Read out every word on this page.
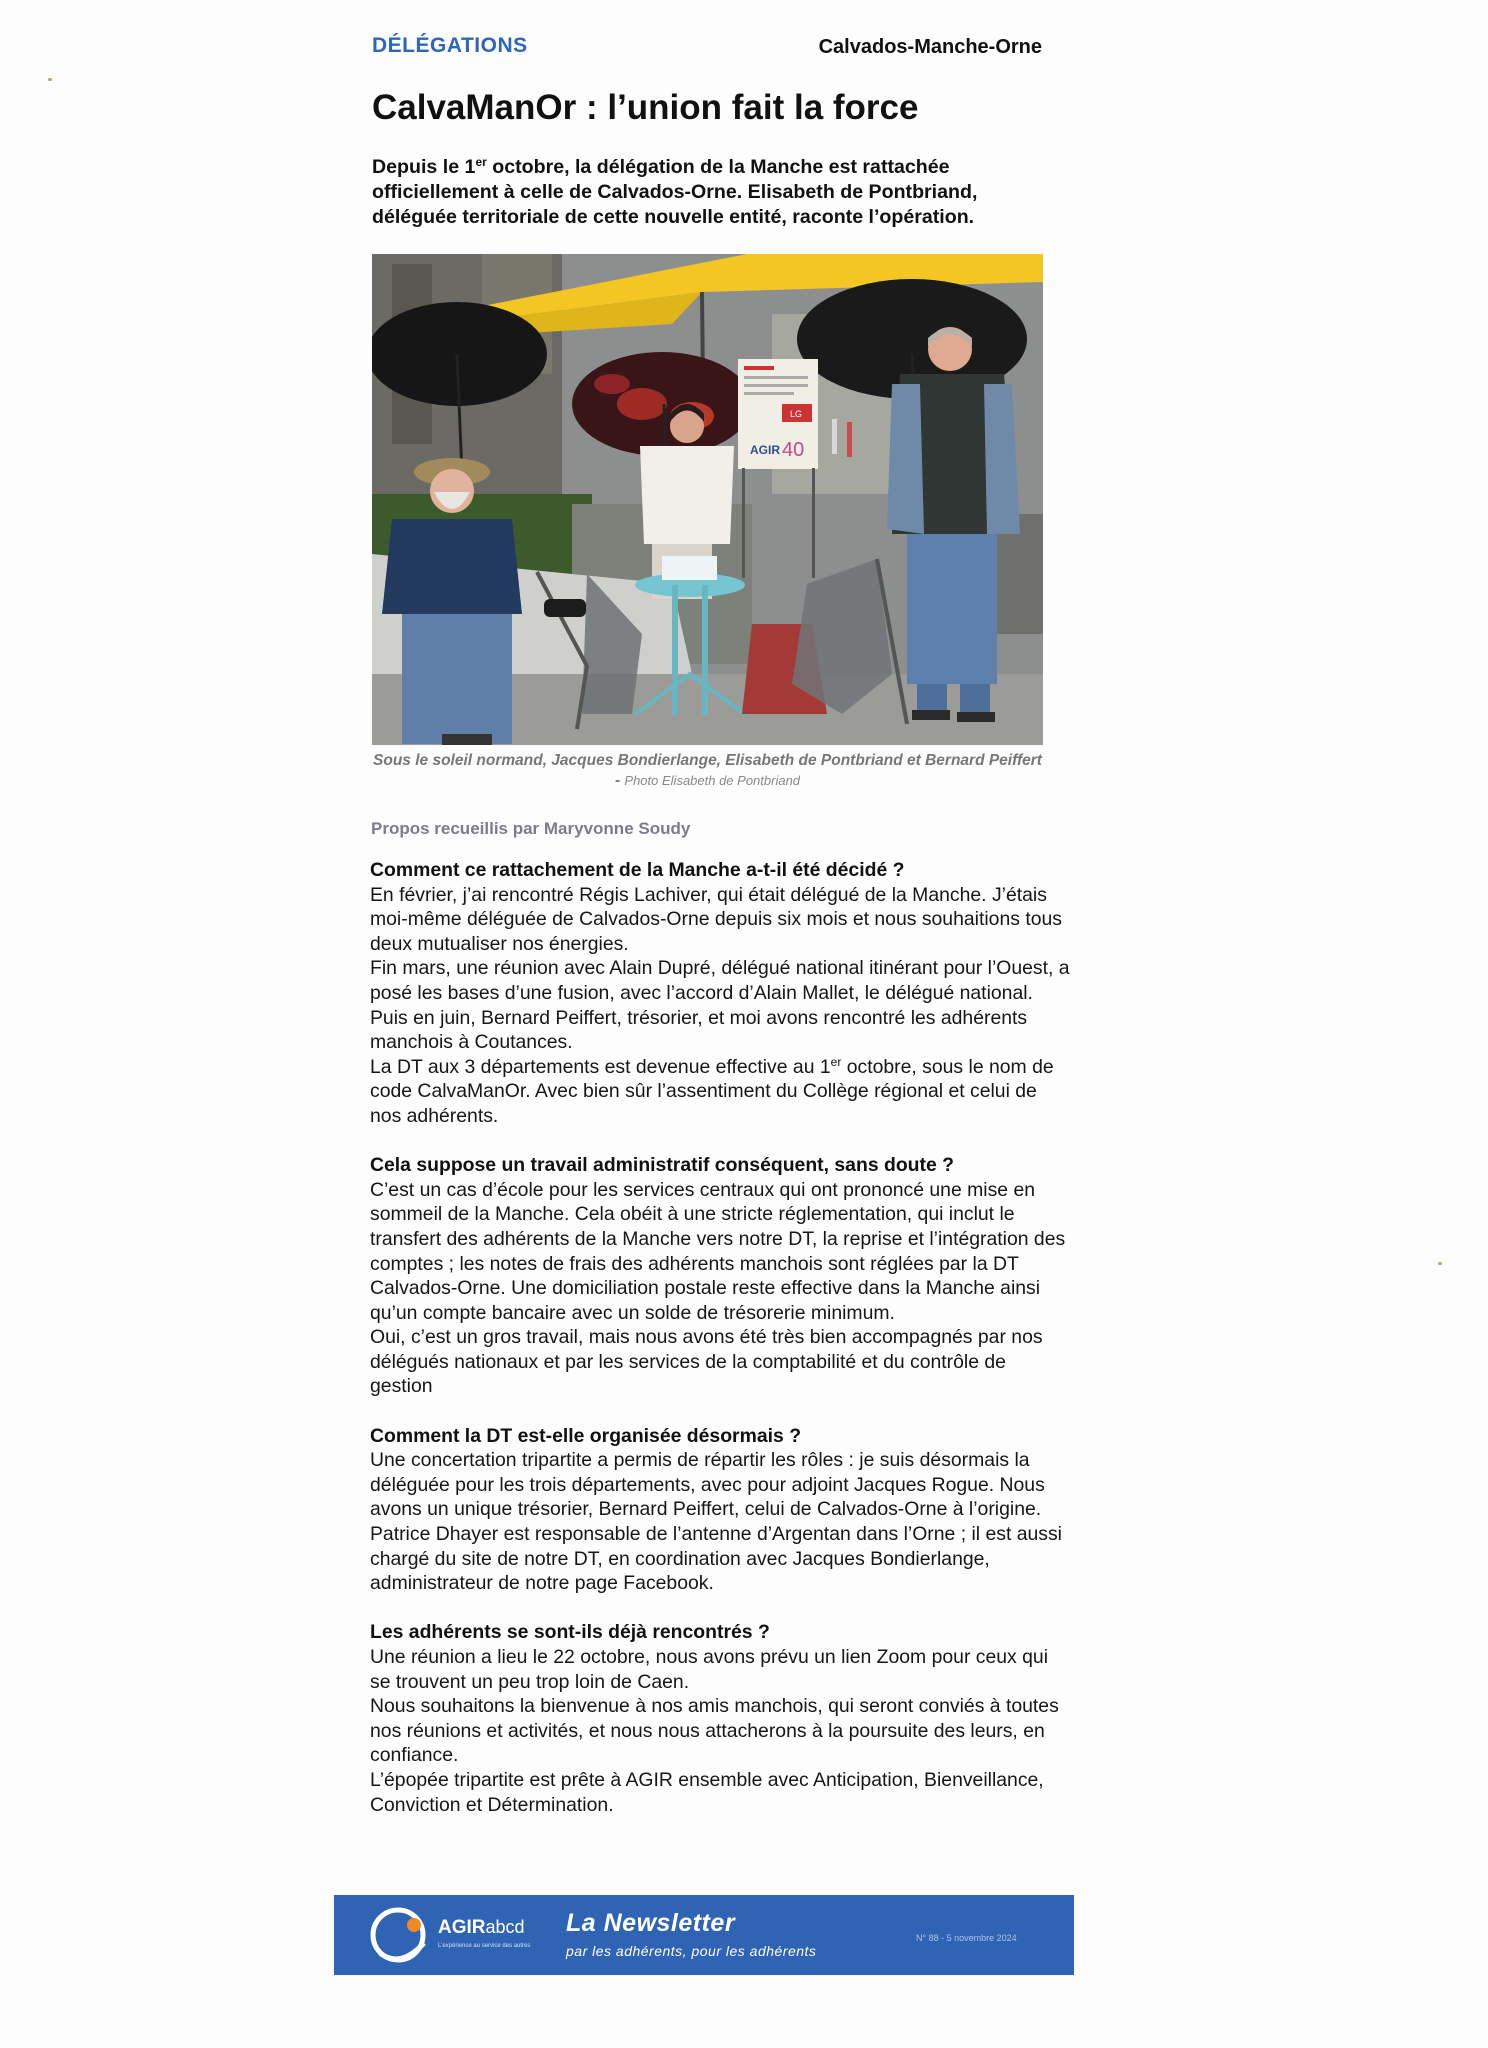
DÉLÉGATIONS	Calvados-Manche-Orne
CalvaManOr : l’union fait la force
Depuis le 1er octobre, la délégation de la Manche est rattachée officiellement à celle de Calvados-Orne. Elisabeth de Pontbriand, déléguée territoriale de cette nouvelle entité, raconte l’opération.
LG
AGIR 40
Sous le soleil normand, Jacques Bondierlange, Elisabeth de Pontbriand et Bernard Peiffert - Photo Elisabeth de Pontbriand
Propos recueillis par Maryvonne Soudy

Comment ce rattachement de la Manche a-t-il été décidé ?

En février, j’ai rencontré Régis Lachiver, qui était délégué de la Manche. J’étais moi-même déléguée de Calvados-Orne depuis six mois et nous souhaitions tous deux mutualiser nos énergies.

Fin mars, une réunion avec Alain Dupré, délégué national itinérant pour l’Ouest, a posé les bases d’une fusion, avec l’accord d’Alain Mallet, le délégué national. Puis en juin, Bernard Peiffert, trésorier, et moi avons rencontré les adhérents manchois à Coutances.

La DT aux 3 départements est devenue effective au 1er octobre, sous le nom de code CalvaManOr. Avec bien sûr l’assentiment du Collège régional et celui de nos adhérents.

Cela suppose un travail administratif conséquent, sans doute ?

C’est un cas d’école pour les services centraux qui ont prononcé une mise en sommeil de la Manche. Cela obéit à une stricte réglementation, qui inclut le transfert des adhérents de la Manche vers notre DT, la reprise et l’intégration des comptes ; les notes de frais des adhérents manchois sont réglées par la DT Calvados-Orne. Une domiciliation postale reste effective dans la Manche ainsi qu’un compte bancaire avec un solde de trésorerie minimum.

Oui, c’est un gros travail, mais nous avons été très bien accompagnés par nos délégués nationaux et par les services de la comptabilité et du contrôle de gestion

Comment la DT est-elle organisée désormais ?

Une concertation tripartite a permis de répartir les rôles : je suis désormais la déléguée pour les trois départements, avec pour adjoint Jacques Rogue. Nous avons un unique trésorier, Bernard Peiffert, celui de Calvados-Orne à l’origine. Patrice Dhayer est responsable de l’antenne d’Argentan dans l’Orne ; il est aussi chargé du site de notre DT, en coordination avec Jacques Bondierlange, administrateur de notre page Facebook.

Les adhérents se sont-ils déjà rencontrés ?

Une réunion a lieu le 22 octobre, nous avons prévu un lien Zoom pour ceux qui se trouvent un peu trop loin de Caen.

Nous souhaitons la bienvenue à nos amis manchois, qui seront conviés à toutes nos réunions et activités, et nous nous attacherons à la poursuite des leurs, en confiance.

L’épopée tripartite est prête à AGIR ensemble avec Anticipation, Bienveillance, Conviction et Détermination.

AGIRabcd
L’expérience au service des autres
La Newsletter
par les adhérents, pour les adhérents
N° 88 - 5 novembre 2024
